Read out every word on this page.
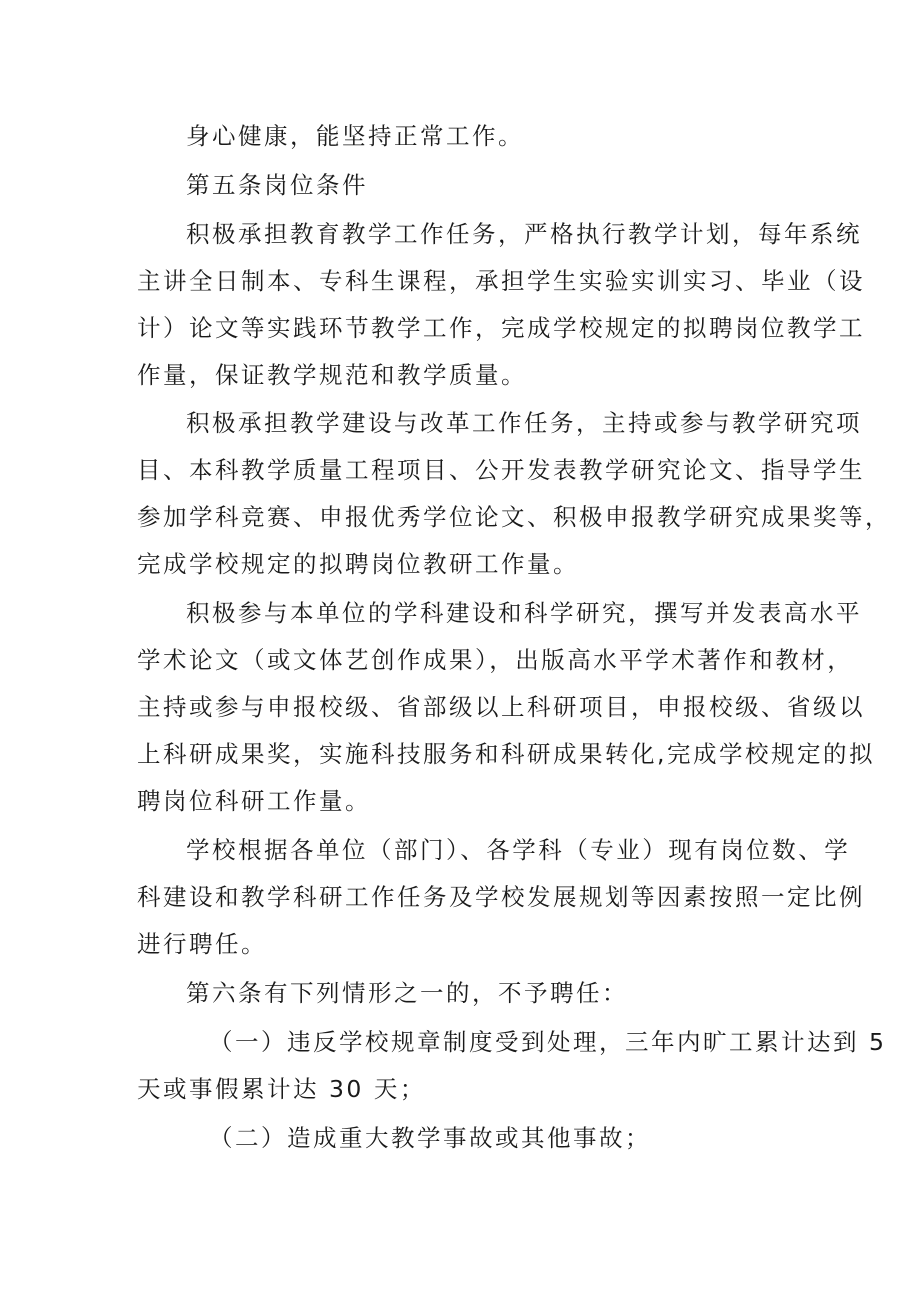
身心健康，能坚持正常工作。
第五条岗位条件
积极承担教育教学工作任务，严格执行教学计划，每年系统
主讲全日制本、专科生课程，承担学生实验实训实习、毕业（设
计）论文等实践环节教学工作，完成学校规定的拟聘岗位教学工
作量，保证教学规范和教学质量。
积极承担教学建设与改革工作任务，主持或参与教学研究项
目、本科教学质量工程项目、公开发表教学研究论文、指导学生
参加学科竞赛、申报优秀学位论文、积极申报教学研究成果奖等，
完成学校规定的拟聘岗位教研工作量。
积极参与本单位的学科建设和科学研究，撰写并发表高水平
学术论文（或文体艺创作成果），出版高水平学术著作和教材，
主持或参与申报校级、省部级以上科研项目，申报校级、省级以
上科研成果奖，实施科技服务和科研成果转化,完成学校规定的拟
聘岗位科研工作量。
学校根据各单位（部门）、各学科（专业）现有岗位数、学
科建设和教学科研工作任务及学校发展规划等因素按照一定比例
进行聘任。
第六条有下列情形之一的，不予聘任：
（一）违反学校规章制度受到处理，三年内旷工累计达到 5
天或事假累计达 30 天；
（二）造成重大教学事故或其他事故；
